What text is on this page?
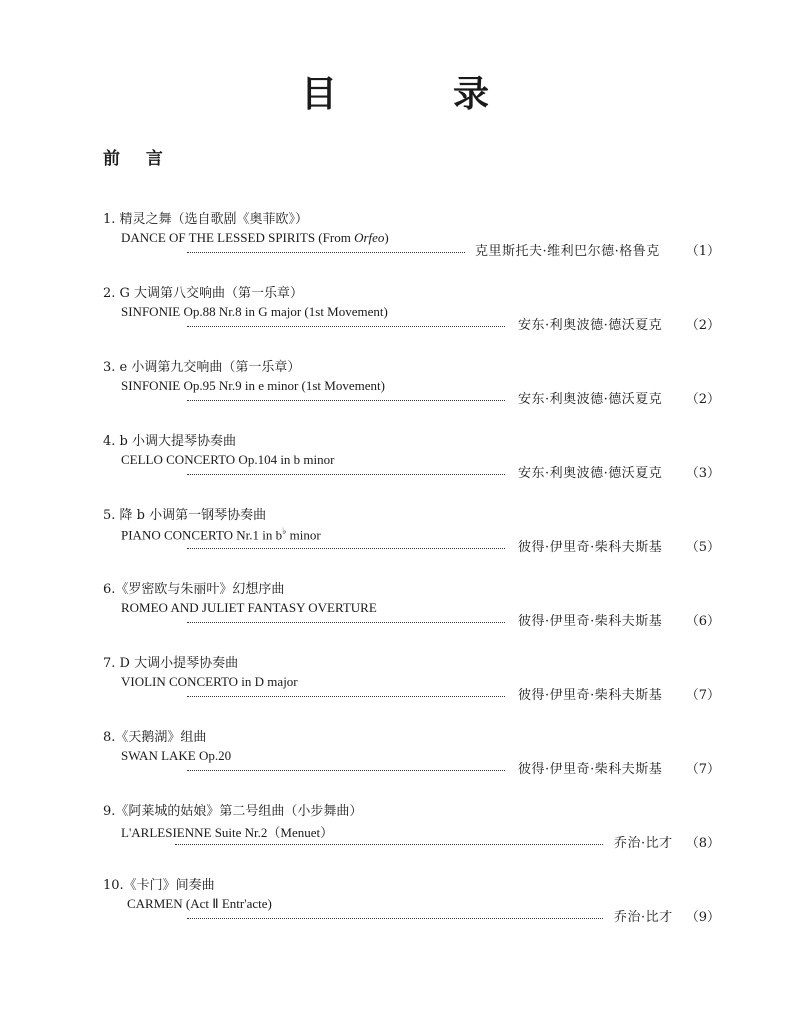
目　录
前 言
1. 精灵之舞（选自歌剧《奥菲欧》）
DANCE OF THE LESSED SPIRITS (From Orfeo)
克里斯托夫·维利巴尔德·格鲁克 （1）
2. G 大调第八交响曲（第一乐章）
SINFONIE Op.88 Nr.8 in G major (1st Movement)
安东·利奥波德·德沃夏克 （2）
3. e 小调第九交响曲（第一乐章）
SINFONIE Op.95 Nr.9 in e minor (1st Movement)
安东·利奥波德·德沃夏克 （2）
4. b 小调大提琴协奏曲
CELLO CONCERTO Op.104 in b minor
安东·利奥波德·德沃夏克 （3）
5. 降 b 小调第一钢琴协奏曲
PIANO CONCERTO Nr.1 in b♭ minor
彼得·伊里奇·柴科夫斯基 （5）
6.《罗密欧与朱丽叶》幻想序曲
ROMEO AND JULIET FANTASY OVERTURE
彼得·伊里奇·柴科夫斯基 （6）
7. D 大调小提琴协奏曲
VIOLIN CONCERTO in D major
彼得·伊里奇·柴科夫斯基 （7）
8.《天鹅湖》组曲
SWAN LAKE Op.20
彼得·伊里奇·柴科夫斯基 （7）
9.《阿莱城的姑娘》第二号组曲（小步舞曲）
L'ARLESIENNE Suite Nr.2（Menuet）
乔治·比才 （8）
10.《卡门》间奏曲
CARMEN (Act Ⅱ Entr'acte)
乔治·比才 （9）
